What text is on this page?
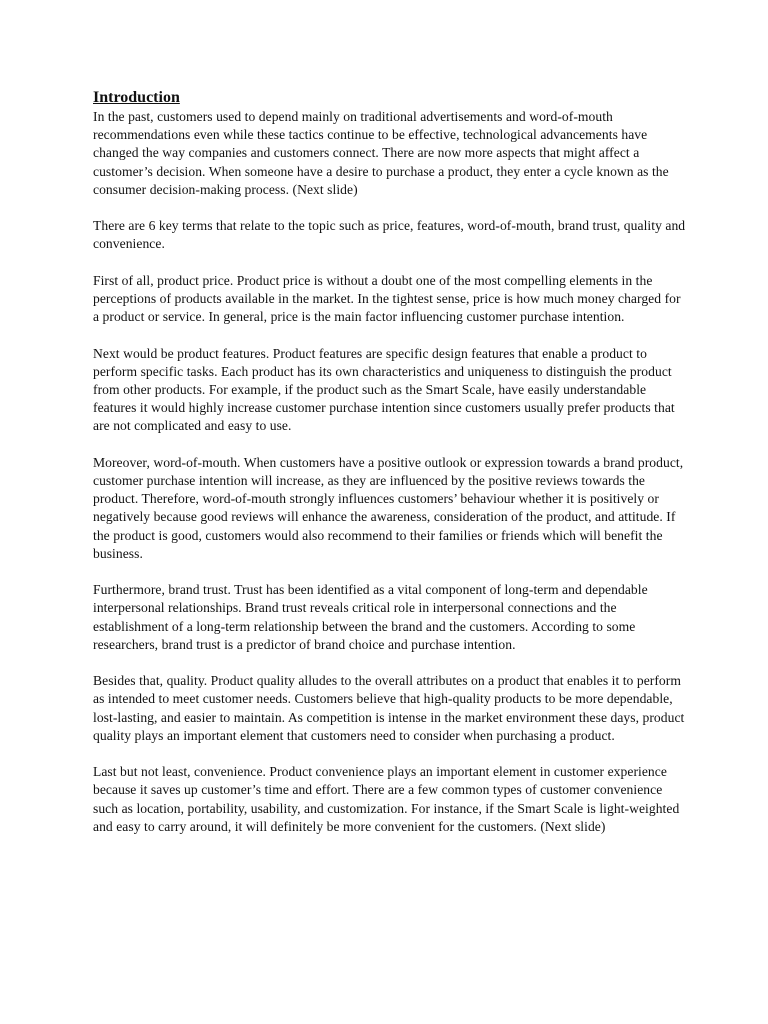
Introduction

In the past, customers used to depend mainly on traditional advertisements and word-of-mouth recommendations even while these tactics continue to be effective, technological advancements have changed the way companies and customers connect. There are now more aspects that might affect a customer’s decision. When someone have a desire to purchase a product, they enter a cycle known as the consumer decision-making process. (Next slide)

There are 6 key terms that relate to the topic such as price, features, word-of-mouth, brand trust, quality and convenience.

First of all, product price. Product price is without a doubt one of the most compelling elements in the perceptions of products available in the market. In the tightest sense, price is how much money charged for a product or service. In general, price is the main factor influencing customer purchase intention.

Next would be product features. Product features are specific design features that enable a product to perform specific tasks. Each product has its own characteristics and uniqueness to distinguish the product from other products. For example, if the product such as the Smart Scale, have easily understandable features it would highly increase customer purchase intention since customers usually prefer products that are not complicated and easy to use.

Moreover, word-of-mouth. When customers have a positive outlook or expression towards a brand product, customer purchase intention will increase, as they are influenced by the positive reviews towards the product. Therefore, word-of-mouth strongly influences customers’ behaviour whether it is positively or negatively because good reviews will enhance the awareness, consideration of the product, and attitude. If the product is good, customers would also recommend to their families or friends which will benefit the business.

Furthermore, brand trust. Trust has been identified as a vital component of long-term and dependable interpersonal relationships. Brand trust reveals critical role in interpersonal connections and the establishment of a long-term relationship between the brand and the customers. According to some researchers, brand trust is a predictor of brand choice and purchase intention.

Besides that, quality. Product quality alludes to the overall attributes on a product that enables it to perform as intended to meet customer needs. Customers believe that high-quality products to be more dependable, lost-lasting, and easier to maintain. As competition is intense in the market environment these days, product quality plays an important element that customers need to consider when purchasing a product.

Last but not least, convenience. Product convenience plays an important element in customer experience because it saves up customer’s time and effort. There are a few common types of customer convenience such as location, portability, usability, and customization. For instance, if the Smart Scale is light-weighted and easy to carry around, it will definitely be more convenient for the customers. (Next slide)
